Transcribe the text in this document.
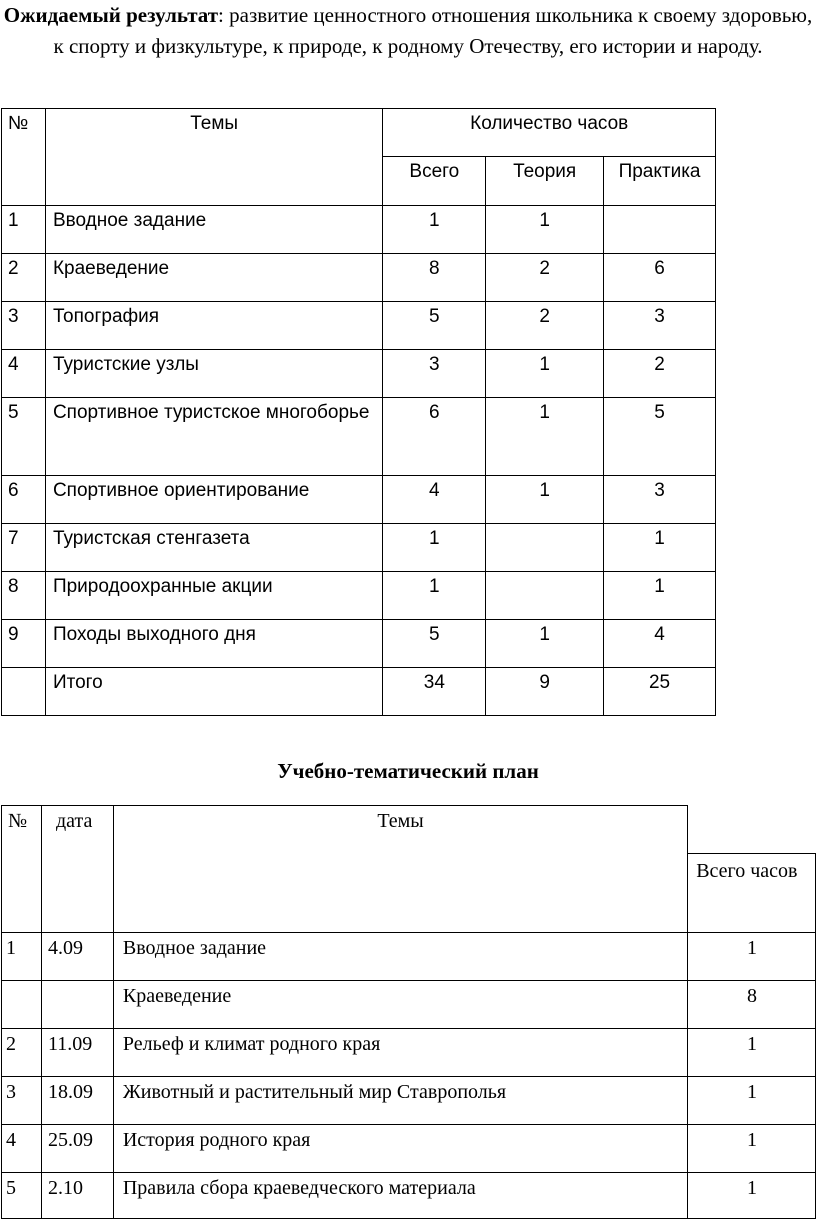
Ожидаемый результат: развитие ценностного отношения школьника к своему здоровью, к спорту и физкультуре, к природе, к родному Отечеству, его истории и народу.
№	Темы	Количество часов		
		Всего	Теория	Практика
1	Вводное задание	1	1	
2	Краеведение	8	2	6
3	Топография	5	2	3
4	Туристские узлы	3	1	2
5	Спортивное туристское многоборье	6	1	5
6	Спортивное ориентирование	4	1	3
7	Туристская стенгазета	1		1
8	Природоохранные акции	1		1
9	Походы выходного дня	5	1	4
	Итого	34	9	25
Учебно-тематический план
№	дата	Темы	
			Всего часов
1	4.09	Вводное задание	1
		Краеведение	8
2	11.09	Рельеф и климат родного края	1
3	18.09	Животный и растительный мир Ставрополья	1
4	25.09	История родного края	1
5	2.10	Правила сбора краеведческого материала	1
